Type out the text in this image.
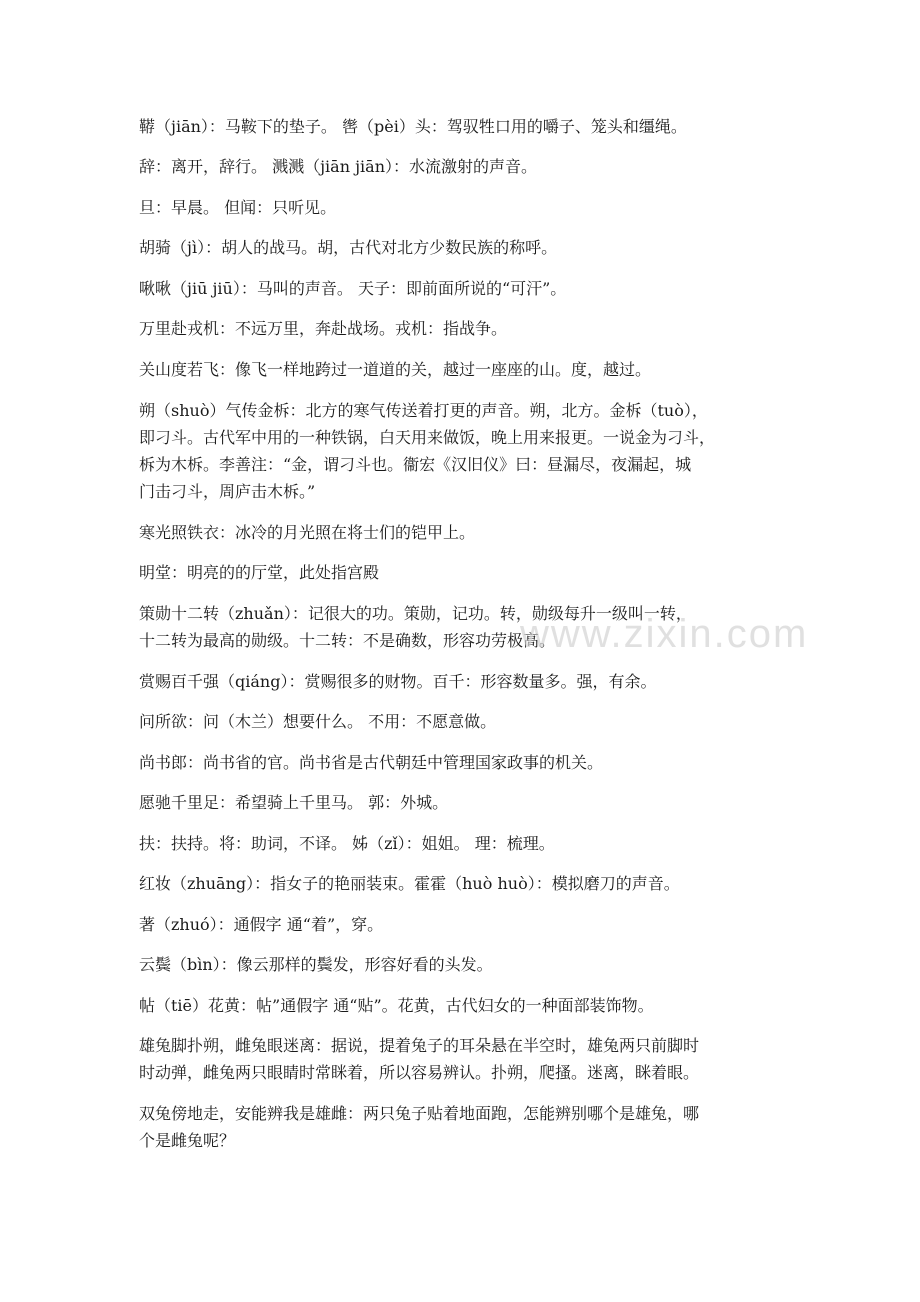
鞯（jiān）：马鞍下的垫子。 辔（pèi）头：驾驭牲口用的嚼子、笼头和缰绳。
辞：离开，辞行。 溅溅（jiān jiān）：水流激射的声音。
旦：早晨。 但闻：只听见。
胡骑（jì）：胡人的战马。胡，古代对北方少数民族的称呼。
啾啾（jiū jiū）：马叫的声音。 天子：即前面所说的“可汗”。
万里赴戎机：不远万里，奔赴战场。戎机：指战争。
关山度若飞：像飞一样地跨过一道道的关，越过一座座的山。度，越过。
朔（shuò）气传金柝：北方的寒气传送着打更的声音。朔，北方。金柝（tuò），
即刁斗。古代军中用的一种铁锅，白天用来做饭，晚上用来报更。一说金为刁斗，
柝为木柝。李善注：“金，谓刁斗也。衞宏《汉旧仪》曰：昼漏尽，夜漏起，城
门击刁斗，周庐击木柝。”
寒光照铁衣：冰冷的月光照在将士们的铠甲上。
明堂：明亮的的厅堂，此处指宫殿
策勋十二转（zhuǎn）：记很大的功。策勋，记功。转，勋级每升一级叫一转，
十二转为最高的勋级。十二转：不是确数，形容功劳极高。
赏赐百千强（qiáng）：赏赐很多的财物。百千：形容数量多。强，有余。
问所欲：问（木兰）想要什么。 不用：不愿意做。
尚书郎：尚书省的官。尚书省是古代朝廷中管理国家政事的机关。
愿驰千里足：希望骑上千里马。 郭：外城。
扶：扶持。将：助词，不译。 姊（zǐ）：姐姐。 理：梳理。
红妆（zhuāng）：指女子的艳丽装束。霍霍（huò huò）：模拟磨刀的声音。
著（zhuó）：通假字 通“着”，穿。
云鬓（bìn）：像云那样的鬓发，形容好看的头发。
帖（tiē）花黄：帖”通假字 通“贴”。花黄，古代妇女的一种面部装饰物。
雄兔脚扑朔，雌兔眼迷离：据说，提着兔子的耳朵悬在半空时，雄兔两只前脚时
时动弹，雌兔两只眼睛时常眯着，所以容易辨认。扑朔，爬搔。迷离，眯着眼。
双兔傍地走，安能辨我是雄雌：两只兔子贴着地面跑，怎能辨别哪个是雄兔，哪
个是雌兔呢？
www.zixin.com
